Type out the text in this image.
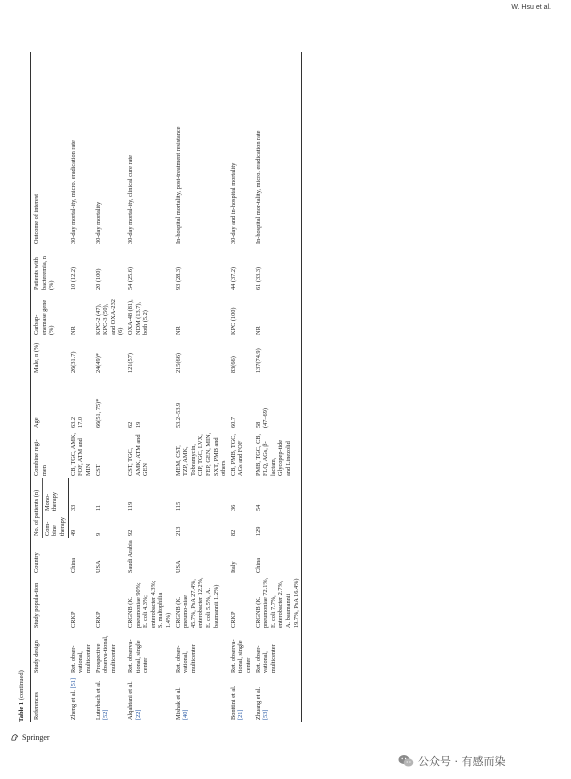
W. Hsu et al.
Table 1 (continued)
References	Study design	Study popula-tion	Country	No. of patients (n)		Combine regi-men	Age	Male, n (%)	Carbap-enemase gene (%)	Patients with bacteremia, n (%)	Outcome of interest
				Com-bine therapy	Mono-therapy						
Zheng et al. [51]	Ret. obser-vational, multicenter	CRKP	China	49	33	CB, TGC, AMK, FOF, ATM and MIN	63.2 17.0	26(31.7)	NR	10 (12.2)	30-day mortal-ity, micro. eradication rate
Luterbach et al. [52]	Prospective observa-tional, multicenter	CRKP	USA	9	11	CST	66(51, 75)*	24(49)*	KPC-2 (47), KPC-3 (50), and OXA-232 (6)	20 (100)	30-day mortality
Alqahtani et al. [22]	Ret. observa-tional, single center	CRGNB (K. pneumoniae 90%; E. coli 4.3%; enterobacter 4.3%; S. maltophilia 1.4%)	Saudi Arabia	92	119	CST, TGC, AMK, ATM and GEN	62 19	121(57)	OXA-48 (81), NDM (13.7), both (5.2)	54 (25.6)	30-day mortal-ity, clinical cure rate
Mishak et al. [40]	Ret. obser-vational, multicenter	CRGNB (K. pneumo-niae 45.7%, PsA 27.4%, enterobacter 12.2%, E. coli 5.5%, A. baumannii 1.2%)	USA	213	115	MEM, CST, TZP, AMK, Tobramycin, CIP, TGC, LVX, FEP, GEN, MIN, SXT, PMB and others	53.2–53.9	215(66)	NR	93 (28.3)	In-hospital mortality, post-treatment resistance
Bonttini et al. [21]	Ret. observa-tional, single center	CRKP	Italy	82	36	CB, PMB, TGC, AGs and FOF	60.7	83(66)	KPC (100)	44 (37.2)	30-day and in-hospital mortality
Zhuang et al. [53]	Ret. obser-vational, multicenter	CRGNB (K. pneumoniae 72.1%, E. coli 7.7%, enterobacter 2.7%, A. baumannii 19.7%, PsA 16.4%)	China	129	54	PMB, TGC, CB, FLQ, AGs, β-lactam, Glycopep-tide and Linezolid	58 (47–69)	137(74.9)	NR	61 (33.3)	In-hospital mor-tality, micro. eradication rate
Springer
公众号 · 有感而染
